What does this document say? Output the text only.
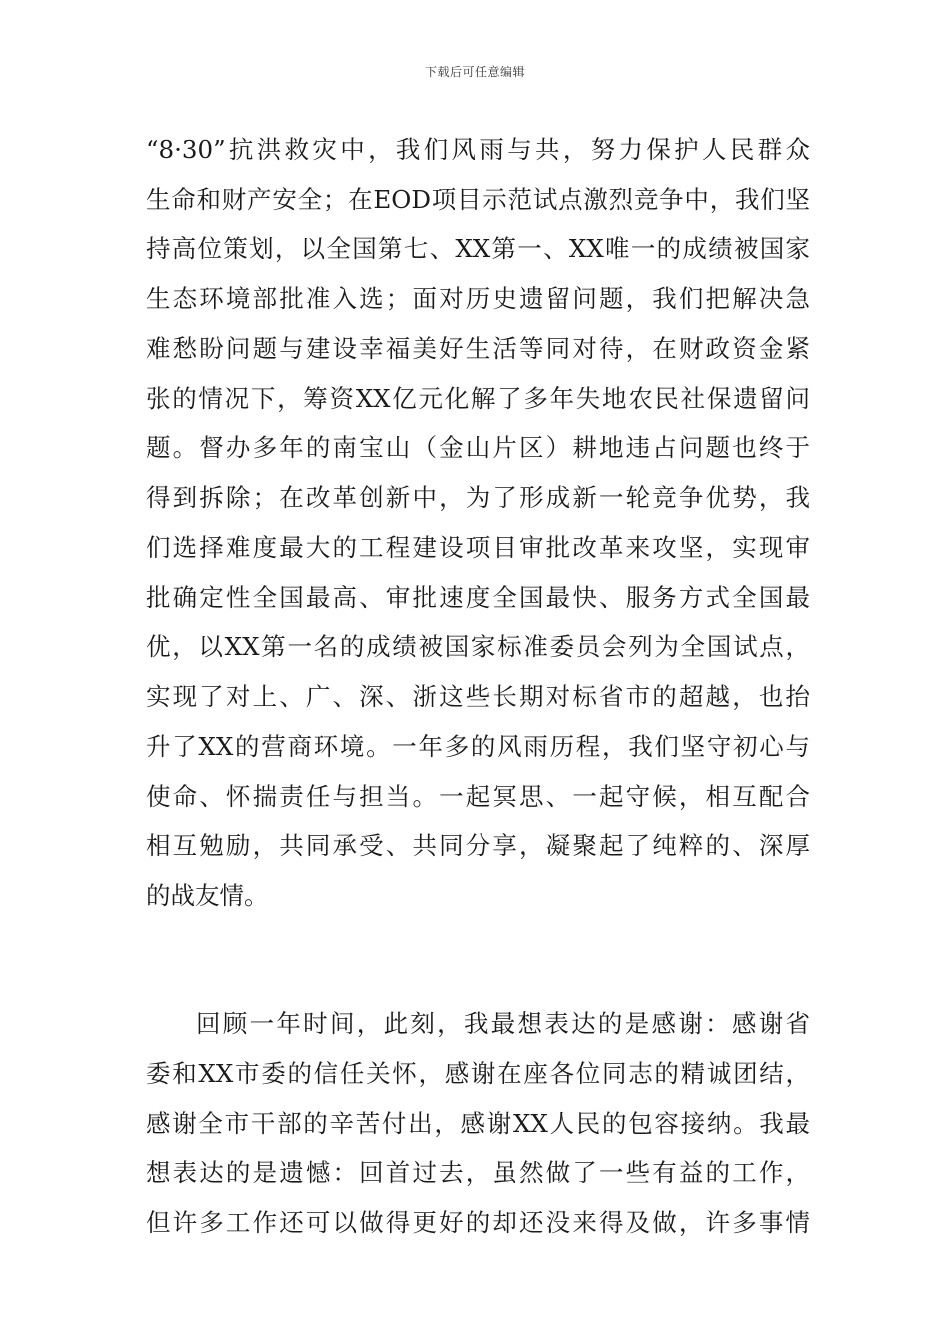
下载后可任意编辑
“8·30”抗洪救灾中，我们风雨与共，努力保护人民群众
生命和财产安全；在EOD项目示范试点激烈竞争中，我们坚
持高位策划，以全国第七、XX第一、XX唯一的成绩被国家
生态环境部批准入选；面对历史遗留问题，我们把解决急
难愁盼问题与建设幸福美好生活等同对待，在财政资金紧
张的情况下，筹资XX亿元化解了多年失地农民社保遗留问
题。督办多年的南宝山（金山片区）耕地违占问题也终于
得到拆除；在改革创新中，为了形成新一轮竞争优势，我
们选择难度最大的工程建设项目审批改革来攻坚，实现审
批确定性全国最高、审批速度全国最快、服务方式全国最
优，以XX第一名的成绩被国家标准委员会列为全国试点，
实现了对上、广、深、浙这些长期对标省市的超越，也抬
升了XX的营商环境。一年多的风雨历程，我们坚守初心与
使命、怀揣责任与担当。一起冥思、一起守候，相互配合
相互勉励，共同承受、共同分享，凝聚起了纯粹的、深厚
的战友情。
回顾一年时间，此刻，我最想表达的是感谢：感谢省
委和XX市委的信任关怀，感谢在座各位同志的精诚团结，
感谢全市干部的辛苦付出，感谢XX人民的包容接纳。我最
想表达的是遗憾：回首过去，虽然做了一些有益的工作，
但许多工作还可以做得更好的却还没来得及做，许多事情
